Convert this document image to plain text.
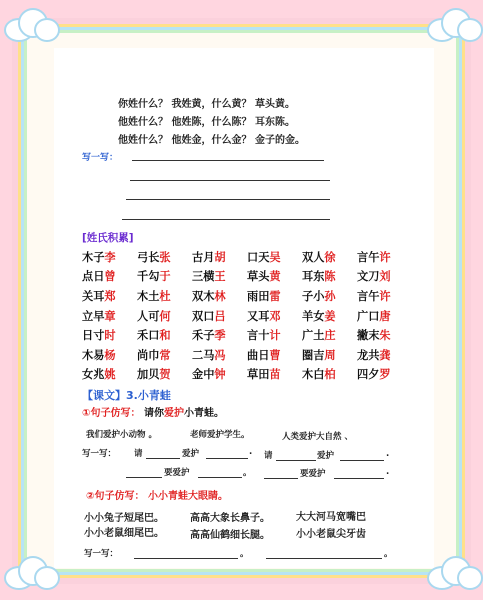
你姓什么？ 我姓黄，什么黄？ 草头黄。
他姓什么？ 他姓陈，什么陈？ 耳东陈。
他姓什么？ 他姓金，什么金？ 金子的金。
写一写：
[姓氏积累]
木子李	弓长张	古月胡	口天吴	双人徐	言午许
点日曾	千勾于	三横王	草头黄	耳东陈	文刀刘
关耳郑	木土杜	双木林	雨田雷	子小孙	言午许
立早章	人可何	双口吕	又耳邓	羊女姜	广口唐
日寸时	禾口和	禾子季	言十计	广土庄	撇末朱
木易杨	尚巾常	二马冯	曲日曹	圈吉周	龙共龚
女兆姚	加贝贺	金中钟	草田苗	木白柏	四夕罗
【课文】3.小青蛙
①句子仿写： 请你爱护小青蛙。
我们爱护小动物 。	老师爱护学生。	人类爱护大自然 、
写一写： 请	爱护	. 请	爱护	.
要爱护	。	要爱护	.
②句子仿写： 小小青蛙大眼睛。
小小兔子短尾巴。	高高大象长鼻子。	大大河马宽嘴巴
小小老鼠细尾巴。	高高仙鹤细长腿。	小小老鼠尖牙齿
写一写：	。	。
